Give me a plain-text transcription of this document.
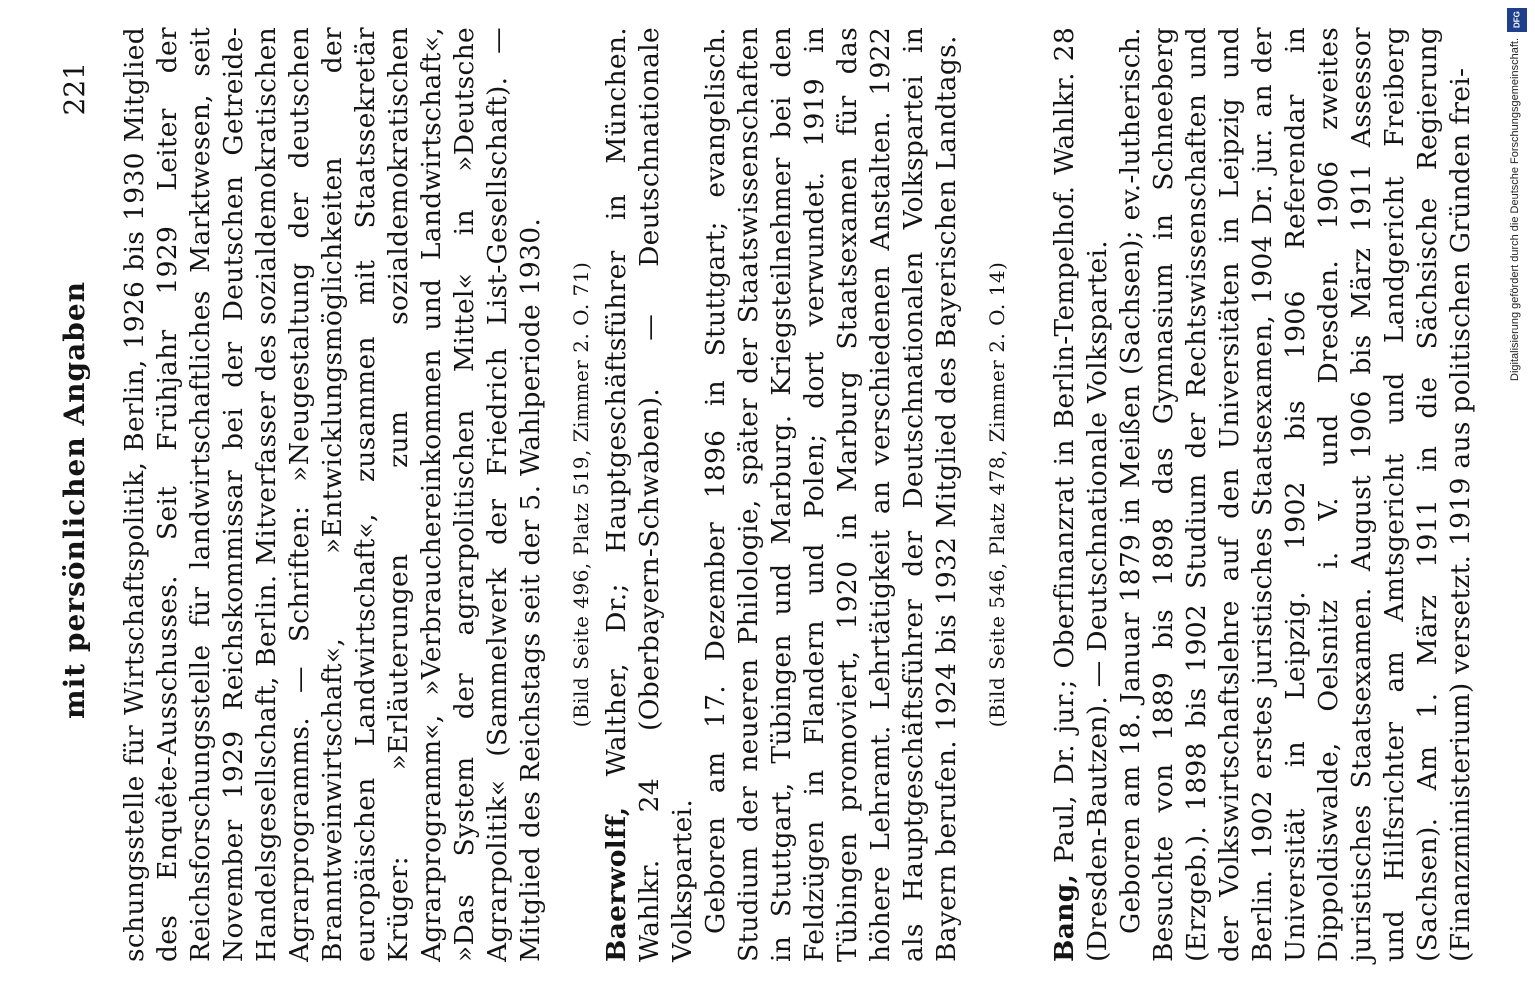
mit persönlichen Angaben
221 schungsstelle für Wirtschaftspolitik, Berlin, 1926 bis 1930 Mitglied des Enquête-Ausschusses. Seit Frühjahr 1929 Leiter der Reichsforschungsstelle für landwirtschaftliches Marktwesen, seit November 1929 Reichskommissar bei der Deutschen Getreide-Handelsgesellschaft, Berlin. Mitverfasser des sozialdemokratischen Agrarprogramms. — Schriften: »Neugestaltung der deutschen Branntweinwirtschaft«, »Entwicklungsmöglichkeiten der europäischen Landwirtschaft«, zusammen mit Staatssekretär Krüger: »Erläuterungen zum sozialdemokratischen Agrarprogramm«, »Verbrauchereinkommen und Landwirtschaft«, »Das System der agrarpolitischen Mittel« in »Deutsche Agrarpolitik« (Sammelwerk der Friedrich List-Gesellschaft). — Mitglied des Reichstags seit der 5. Wahlperiode 1930. (Bild Seite 496, Platz 519, Zimmer 2. O. 71)

Baerwolff, Walther, Dr.; Hauptgeschäftsführer in München. Wahlkr. 24 (Oberbayern-Schwaben). — Deutschnationale Volkspartei. Geboren am 17. Dezember 1896 in Stuttgart; evangelisch. Studium der neueren Philologie, später der Staatswissenschaften in Stuttgart, Tübingen und Marburg. Kriegsteilnehmer bei den Feldzügen in Flandern und Polen; dort verwundet. 1919 in Tübingen promoviert, 1920 in Marburg Staatsexamen für das höhere Lehramt. Lehrtätigkeit an verschiedenen Anstalten. 1922 als Hauptgeschäftsführer der Deutschnationalen Volkspartei in Bayern berufen. 1924 bis 1932 Mitglied des Bayerischen Landtags. (Bild Seite 546, Platz 478, Zimmer 2. O. 14)

Bang, Paul, Dr. jur.; Oberfinanzrat in Berlin-Tempelhof. Wahlkr. 28 (Dresden-Bautzen). — Deutschnationale Volkspartei. Geboren am 18. Januar 1879 in Meißen (Sachsen); ev.-lutherisch. Besuchte von 1889 bis 1898 das Gymnasium in Schneeberg (Erzgeb.). 1898 bis 1902 Studium der Rechtswissenschaften und der Volkswirtschaftslehre auf den Universitäten in Leipzig und Berlin. 1902 erstes juristisches Staatsexamen, 1904 Dr. jur. an der Universität in Leipzig. 1902 bis 1906 Referendar in Dippoldiswalde, Oelsnitz i. V. und Dresden. 1906 zweites juristisches Staatsexamen. August 1906 bis März 1911 Assessor und Hilfsrichter am Amtsgericht und Landgericht Freiberg (Sachsen). Am 1. März 1911 in die Sächsische Regierung (Finanzministerium) versetzt. 1919 aus politischen Gründen frei-

DFG
Digitalisierung gefördert durch die Deutsche Forschungsgemeinschaft.
